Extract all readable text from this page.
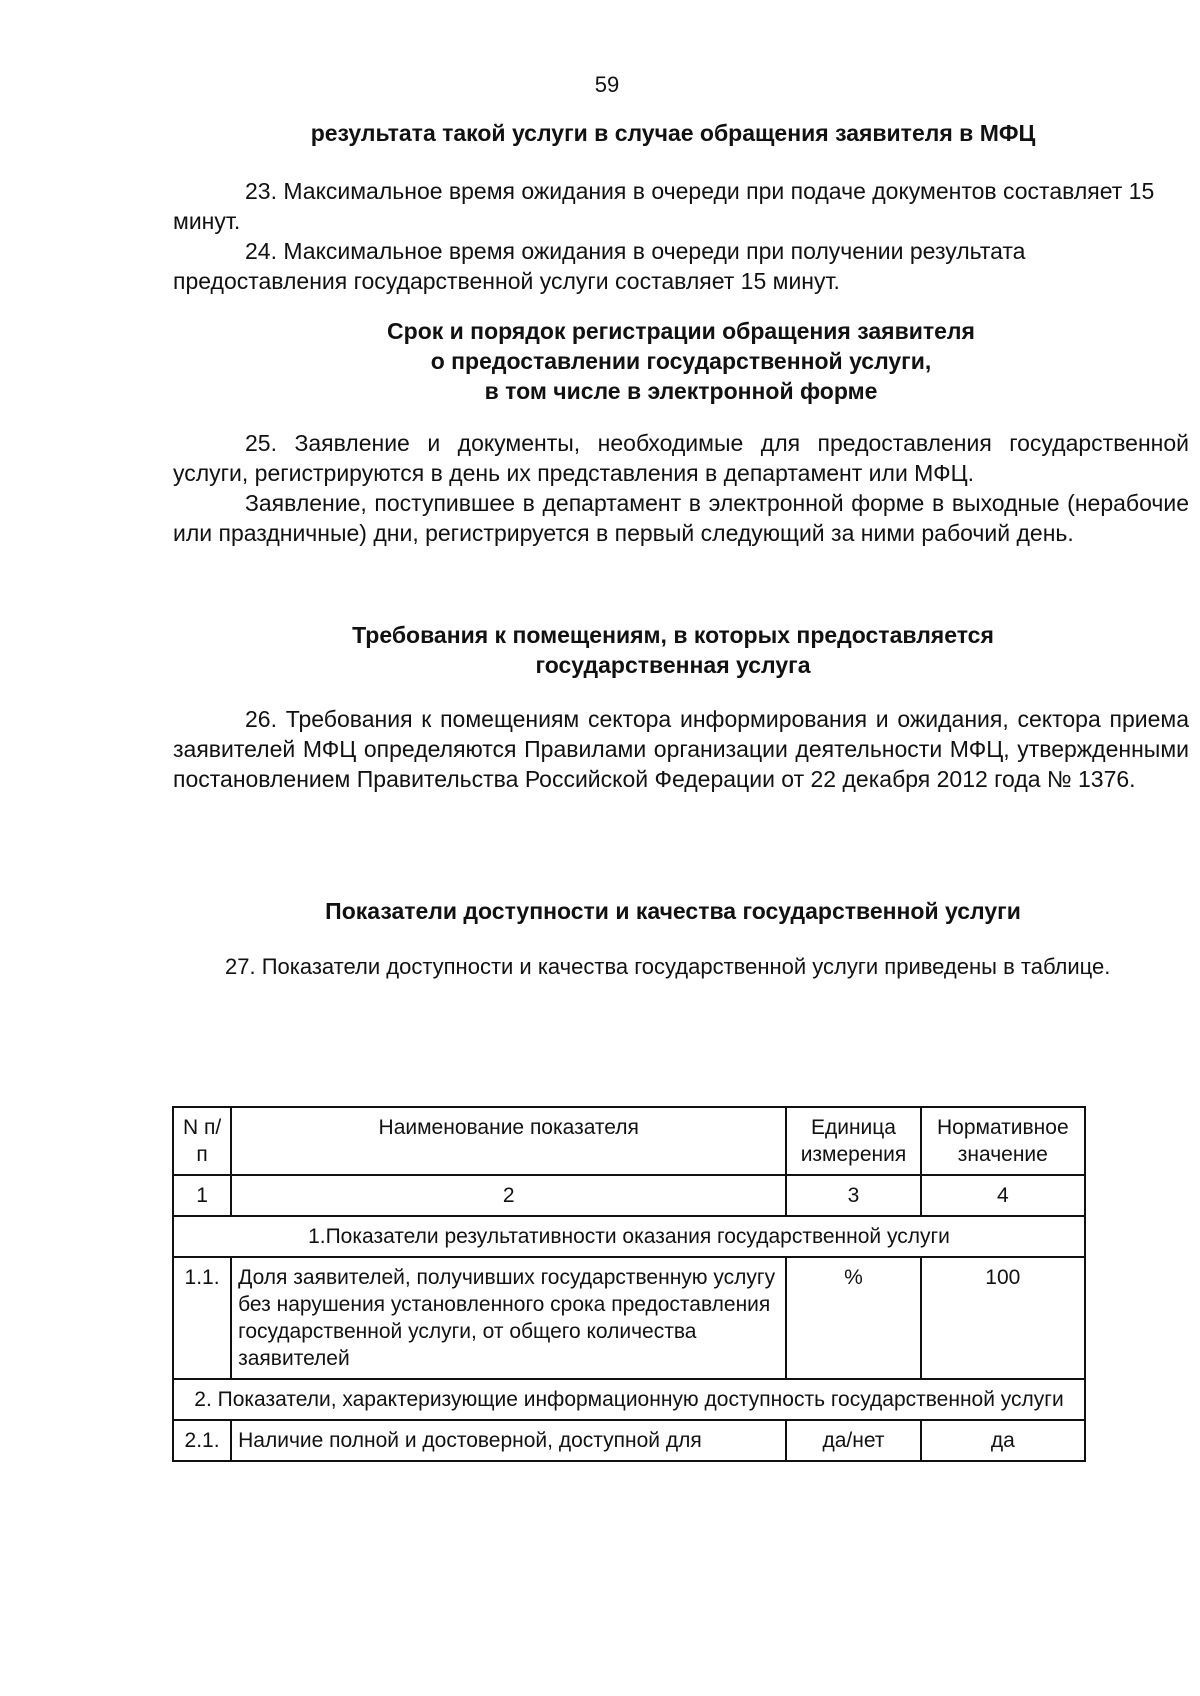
59
результата такой услуги в случае обращения заявителя в МФЦ

23. Максимальное время ожидания в очереди при подаче документов составляет 15 минут.

24. Максимальное время ожидания в очереди при получении результата предоставления государственной услуги составляет 15 минут.

Срок и порядок регистрации обращения заявителя
о предоставлении государственной услуги,
в том числе в электронной форме

25. Заявление и документы, необходимые для предоставления государственной услуги, регистрируются в день их представления в департамент или МФЦ.

Заявление, поступившее в департамент в электронной форме в выходные (нерабочие или праздничные) дни, регистрируется в первый следующий за ними рабочий день.

Требования к помещениям, в которых предоставляется
государственная услуга

26. Требования к помещениям сектора информирования и ожидания, сектора приема заявителей МФЦ определяются Правилами организации деятельности МФЦ, утвержденными постановлением Правительства Российской Федерации от 22 декабря 2012 года № 1376.

Показатели доступности и качества государственной услуги

27. Показатели доступности и качества государственной услуги приведены в таблице.

N п/п	Наименование показателя	Единица измерения	Нормативное значение
1	2	3	4
1.Показатели результативности оказания государственной услуги			
1.1.	Доля заявителей, получивших государственную услугу без нарушения установленного срока предоставления государственной услуги, от общего количества заявителей	%	100
2. Показатели, характеризующие информационную доступность государственной услуги			
2.1.	Наличие полной и достоверной, доступной для	да/нет	да
